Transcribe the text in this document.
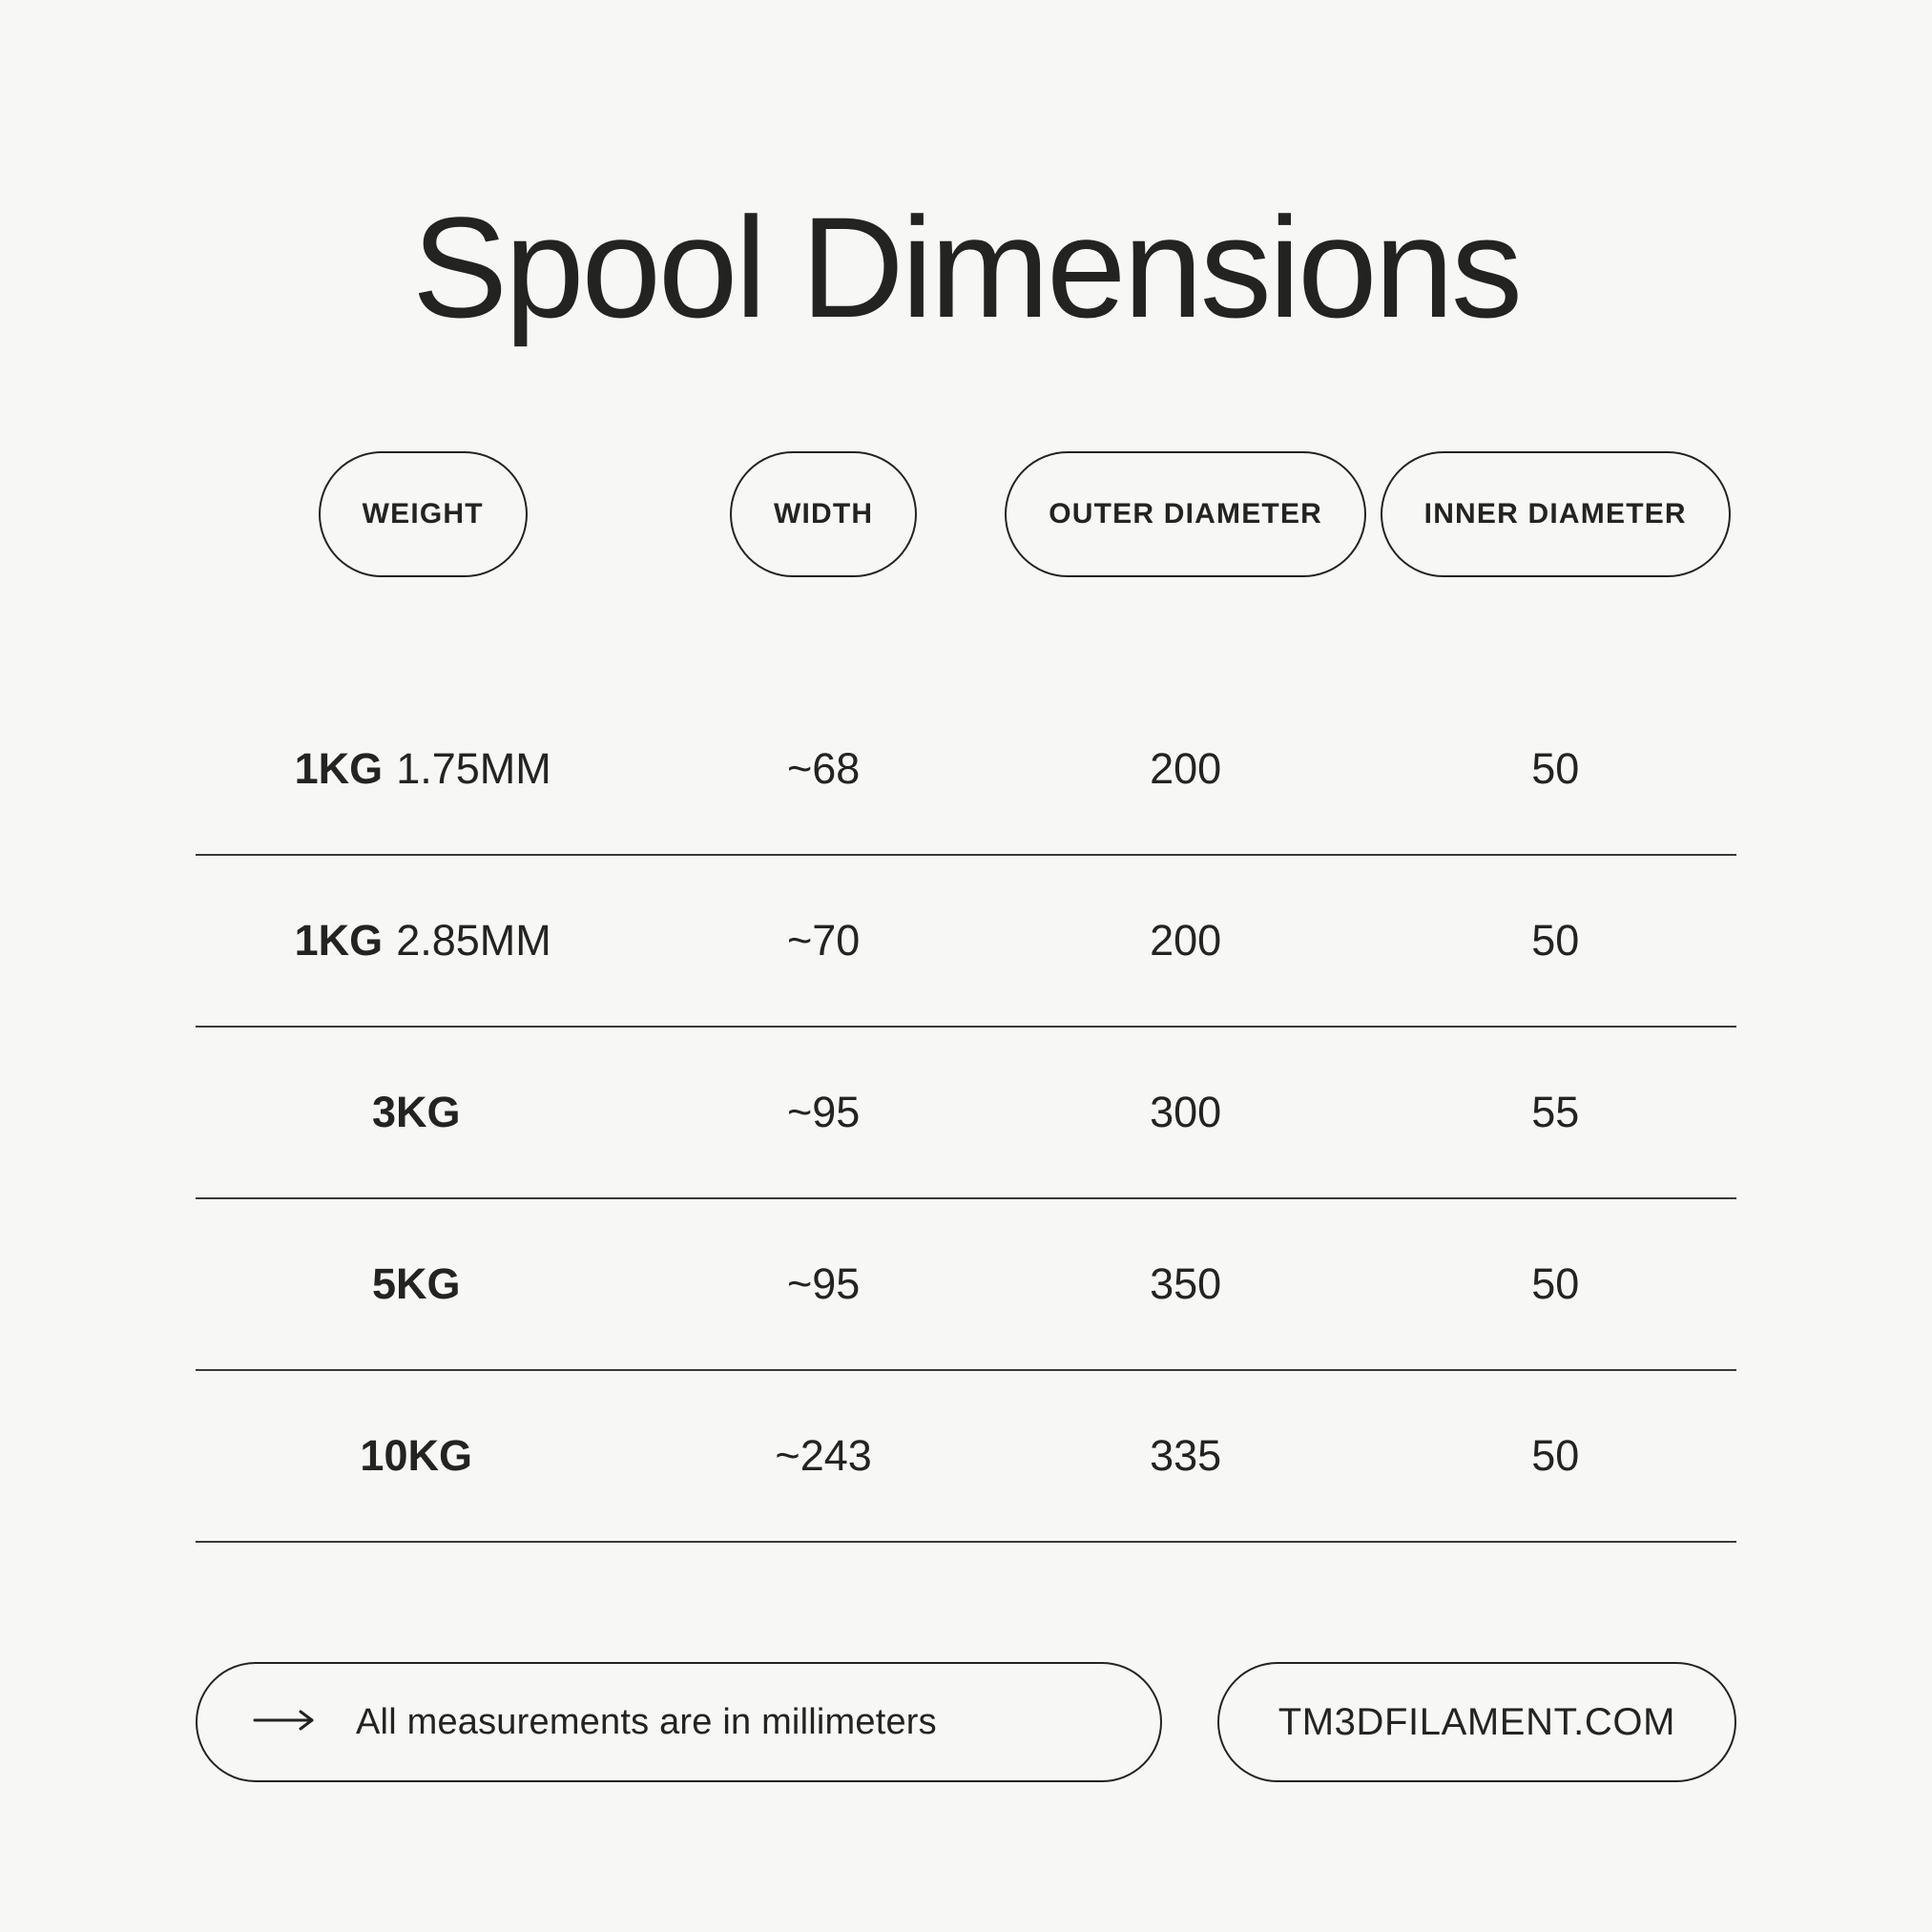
Spool Dimensions
WEIGHT	WIDTH	OUTER DIAMETER	INNER DIAMETER
1KG 1.75MM	~68	200	50
1KG 2.85MM	~70	200	50
3KG	~95	300	55
5KG	~95	350	50
10KG	~243	335	50
All measurements are in millimeters	TM3DFILAMENT.COM
